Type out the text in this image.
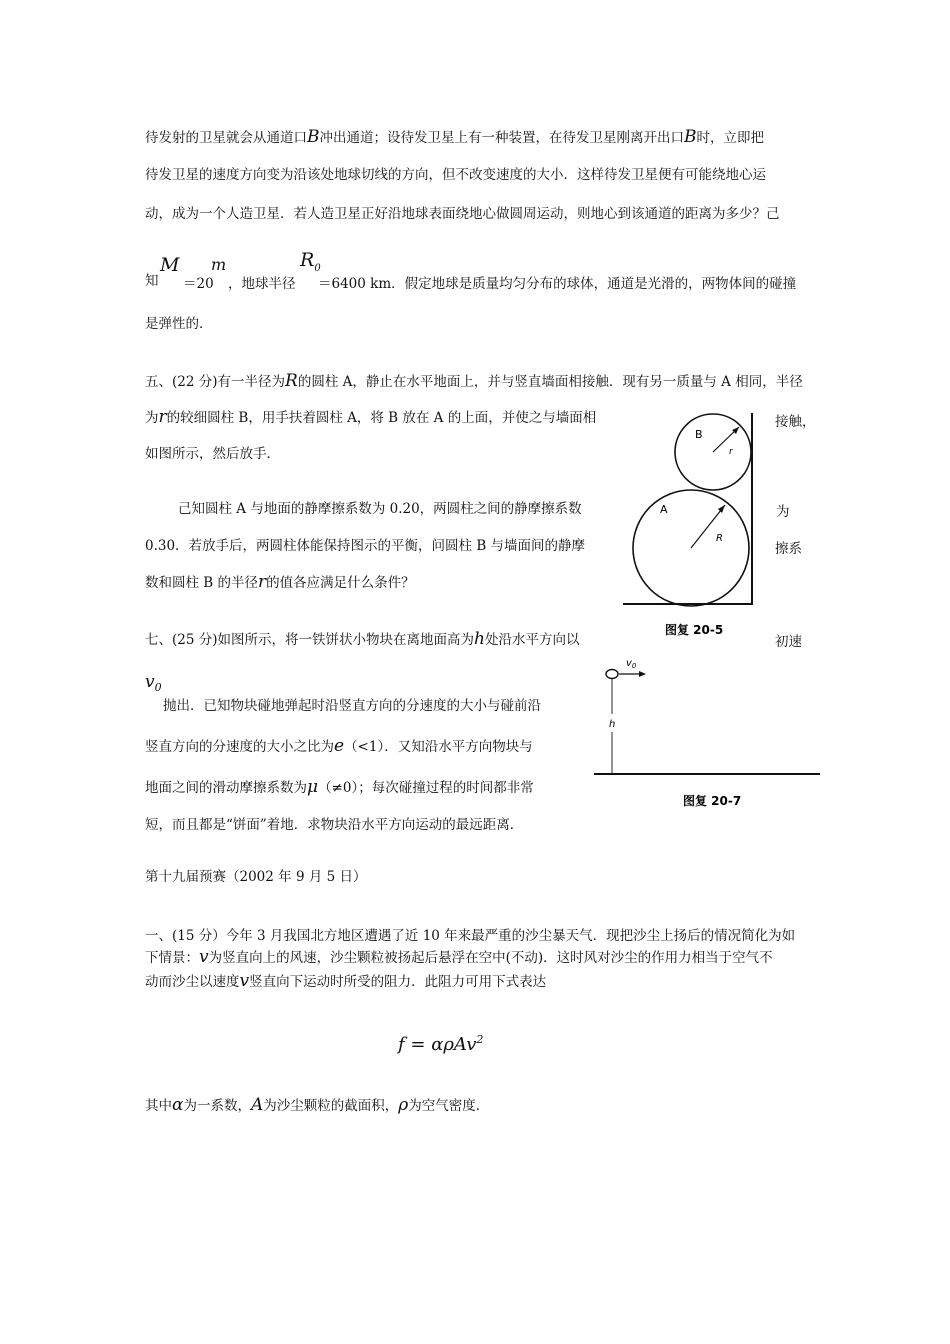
待发射的卫星就会从通道口B冲出通道；设待发卫星上有一种装置，在待发卫星刚离开出口B时，立即把
待发卫星的速度方向变为沿该处地球切线的方向，但不改变速度的大小．这样待发卫星便有可能绕地心运
动，成为一个人造卫星．若人造卫星正好沿地球表面绕地心做圆周运动，则地心到该通道的距离为多少？己
M m	$R_0$
知 ＝20 ，地球半径 ＝6400 km．假定地球是质量均匀分布的球体，通道是光滑的，两物体间的碰撞
是弹性的．
五、(22 分)有一半径为R的圆柱 A，静止在水平地面上，并与竖直墙面相接触．现有另一质量与 A 相同，半径
为r的较细圆柱 B，用手扶着圆柱 A，将 B 放在 A 的上面，并使之与墙面相	接触，
如图所示，然后放手．
己知圆柱 A 与地面的静摩擦系数为 0.20，两圆柱之间的静摩擦系数	为
0.30．若放手后，两圆柱体能保持图示的平衡，问圆柱 B 与墙面间的静摩	擦系
数和圆柱 B 的半径r的值各应满足什么条件？
A
B
R
r
图复 20-5
七、(25 分)如图所示，将一铁饼状小物块在离地面高为h处沿水平方向以	初速
$v_0$
抛出．已知物块碰地弹起时沿竖直方向的分速度的大小与碰前沿
竖直方向的分速度的大小之比为e（<1）．又知沿水平方向物块与
地面之间的滑动摩擦系数为μ（≠0）；每次碰撞过程的时间都非常
短，而且都是“饼面”着地．求物块沿水平方向运动的最远距离．
$v_0$
h
图复 20-7
第十九届预赛（2002 年 9 月 5 日）
一、(15 分）今年 3 月我国北方地区遭遇了近 10 年来最严重的沙尘暴天气．现把沙尘上扬后的情况简化为如
下情景：v为竖直向上的风速，沙尘颗粒被扬起后悬浮在空中(不动)．这时风对沙尘的作用力相当于空气不
动而沙尘以速度v竖直向下运动时所受的阻力．此阻力可用下式表达
f = αρAv$^2$
其中α为一系数，A为沙尘颗粒的截面积，ρ为空气密度．
